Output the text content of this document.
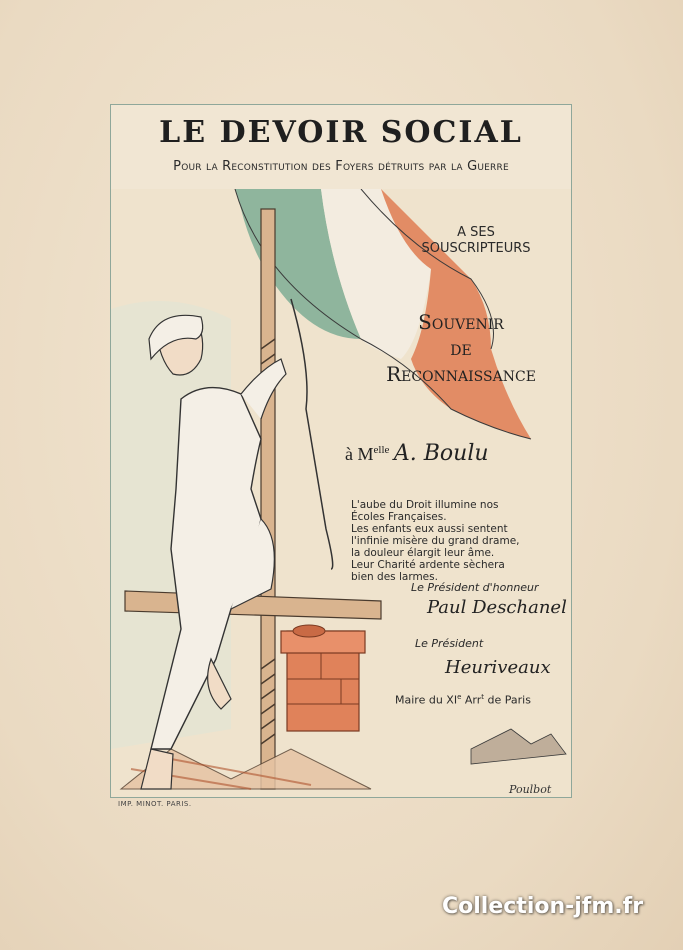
LE DEVOIR SOCIAL
Pour la Reconstitution des Foyers détruits par la Guerre
Poulbot
A SES
SOUSCRIPTEURS
Souvenir
de
Reconnaissance
à $M^{elle}$ A. Boulu
L'aube du Droit illumine nos
Écoles Françaises.
Les enfants eux aussi sentent
l'infinie misère du grand drame,
la douleur élargit leur âme.
Leur Charité ardente sèchera
bien des larmes.
Le Président d'honneur
Paul Deschanel
Le Président
Heuriveaux
Maire du XIe Arr$^t$ de Paris
IMP. MINOT. PARIS.
Collection-jfm.fr
